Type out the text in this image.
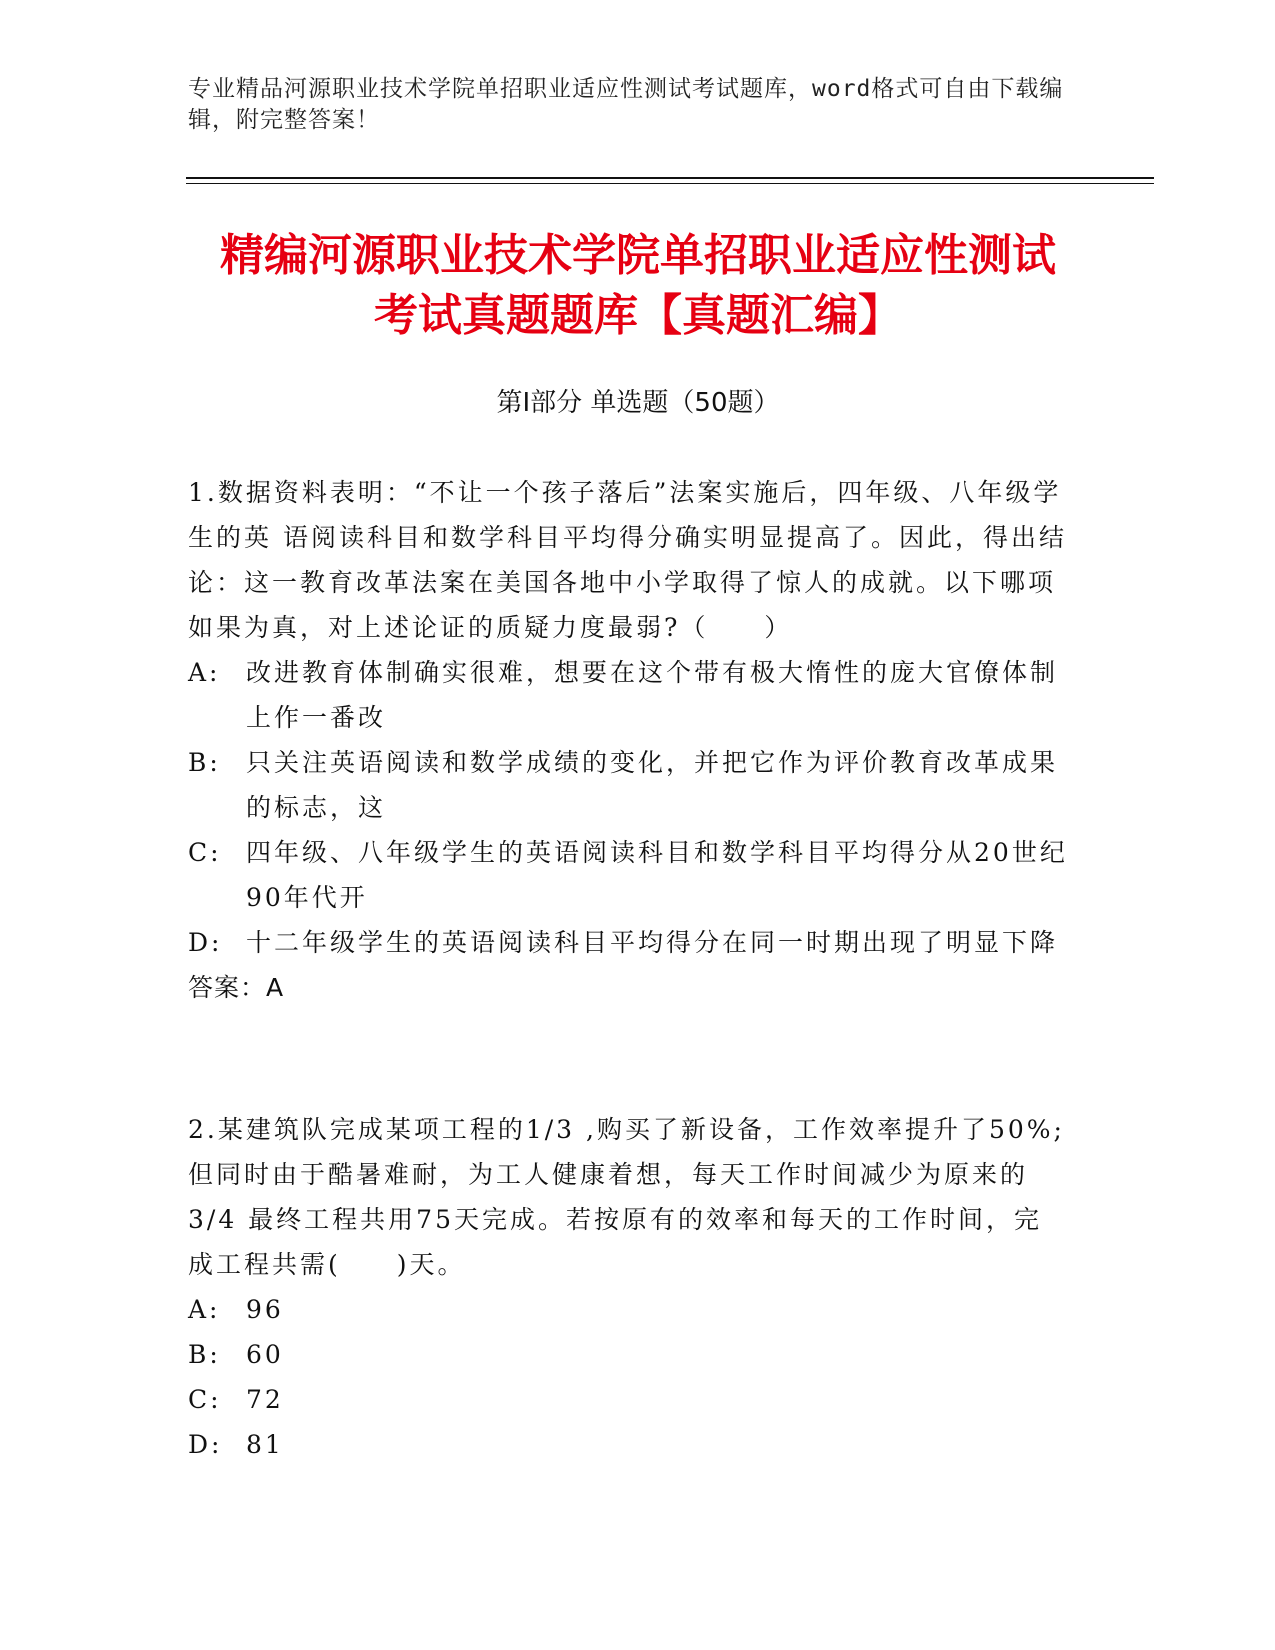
专业精品河源职业技术学院单招职业适应性测试考试题库，word格式可自由下载编辑，附完整答案！
精编河源职业技术学院单招职业适应性测试
考试真题题库【真题汇编】
第Ⅰ部分 单选题（50题）

1.数据资料表明：“不让一个孩子落后”法案实施后，四年级、八年级学生的英 语阅读科目和数学科目平均得分确实明显提高了。因此，得出结论：这一教育改革法案在美国各地中小学取得了惊人的成就。以下哪项如果为真，对上述论证的质疑力度最弱?（　　）

A:	改进教育体制确实很难，想要在这个带有极大惰性的庞大官僚体制上作一番改
B:	只关注英语阅读和数学成绩的变化，并把它作为评价教育改革成果的标志，这
C: 四年级、八年级学生的英语阅读科目和数学科目平均得分从20世纪90年代开
D: 十二年级学生的英语阅读科目平均得分在同一时期出现了明显下降
答案：A

2.某建筑队完成某项工程的1/3 ,购买了新设备，工作效率提升了50%;但同时由于酷暑难耐，为工人健康着想，每天工作时间减少为原来的3/4 最终工程共用75天完成。若按原有的效率和每天的工作时间，完成工程共需(　　)天。

A:	96
B:	60
C: 72
D: 81
